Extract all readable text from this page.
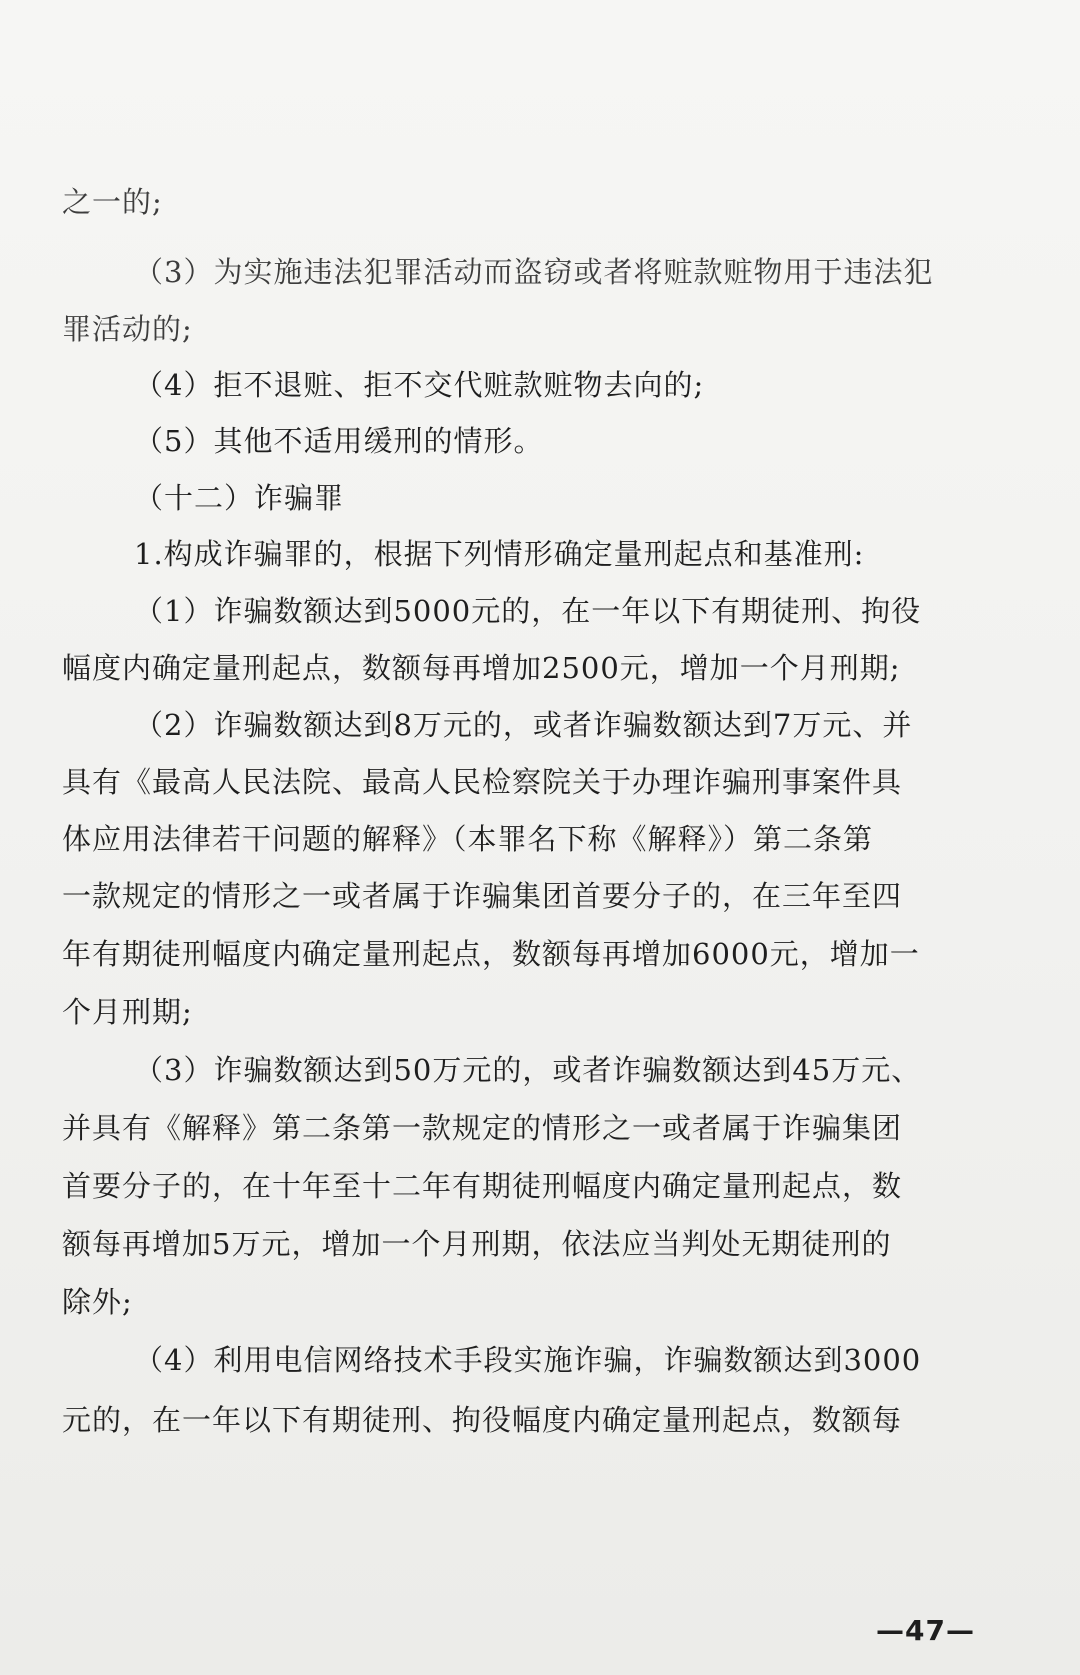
之一的;
（3）为实施违法犯罪活动而盗窃或者将赃款赃物用于违法犯
罪活动的;
（4）拒不退赃、拒不交代赃款赃物去向的;
（5）其他不适用缓刑的情形。
（十二）诈骗罪
1.构成诈骗罪的，根据下列情形确定量刑起点和基准刑:
（1）诈骗数额达到5000元的，在一年以下有期徒刑、拘役
幅度内确定量刑起点，数额每再增加2500元，增加一个月刑期;
（2）诈骗数额达到8万元的，或者诈骗数额达到7万元、并
具有《最高人民法院、最高人民检察院关于办理诈骗刑事案件具
体应用法律若干问题的解释》（本罪名下称《解释》）第二条第
一款规定的情形之一或者属于诈骗集团首要分子的，在三年至四
年有期徒刑幅度内确定量刑起点，数额每再增加6000元，增加一
个月刑期;
（3）诈骗数额达到50万元的，或者诈骗数额达到45万元、
并具有《解释》第二条第一款规定的情形之一或者属于诈骗集团
首要分子的，在十年至十二年有期徒刑幅度内确定量刑起点，数
额每再增加5万元，增加一个月刑期，依法应当判处无期徒刑的
除外;
（4）利用电信网络技术手段实施诈骗，诈骗数额达到3000
元的，在一年以下有期徒刑、拘役幅度内确定量刑起点，数额每
—47—
